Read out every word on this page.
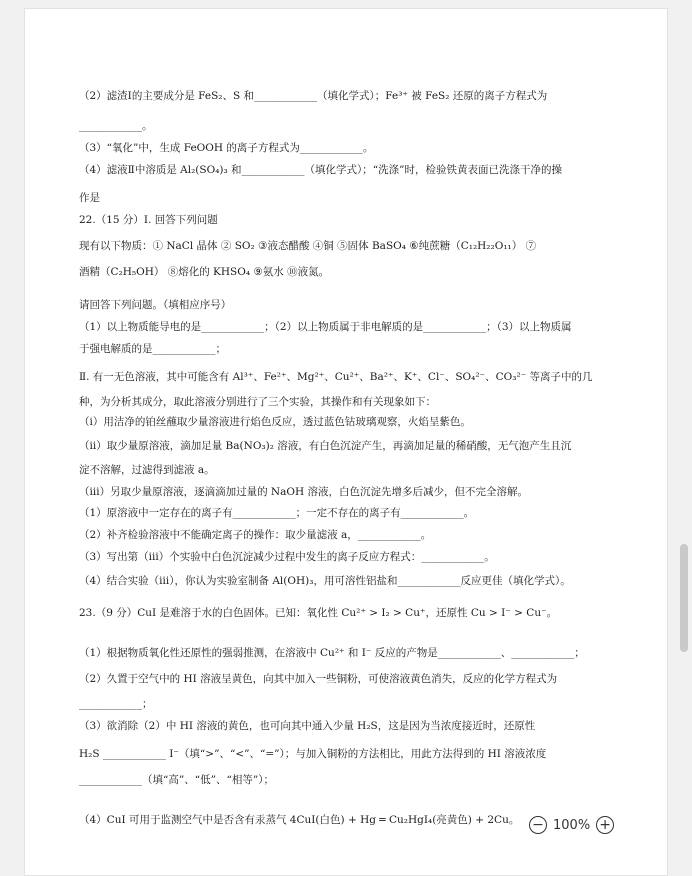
（2）滤渣Ⅰ的主要成分是 FeS₂、S 和____________（填化学式）；Fe³⁺ 被 FeS₂ 还原的离子方程式为
____________。
（3）“氧化”中，生成 FeOOH 的离子方程式为____________。
（4）滤液Ⅱ中溶质是 Al₂(SO₄)₃ 和____________（填化学式）；“洗涤”时，检验铁黄表面已洗涤干净的操
作是
22.（15 分）Ⅰ. 回答下列问题
现有以下物质：① NaCl 晶体 ② SO₂ ③液态醋酸 ④铜 ⑤固体 BaSO₄ ⑥纯蔗糖（C₁₂H₂₂O₁₁） ⑦
酒精（C₂H₅OH） ⑧熔化的 KHSO₄ ⑨氨水 ⑩液氮。
请回答下列问题。（填相应序号）
（1）以上物质能导电的是____________；（2）以上物质属于非电解质的是____________；（3）以上物质属
于强电解质的是____________；
Ⅱ. 有一无色溶液，其中可能含有 Al³⁺、Fe²⁺、Mg²⁺、Cu²⁺、Ba²⁺、K⁺、Cl⁻、SO₄²⁻、CO₃²⁻ 等离子中的几
种，为分析其成分，取此溶液分别进行了三个实验，其操作和有关现象如下：
（ⅰ）用洁净的铂丝蘸取少量溶液进行焰色反应，透过蓝色钴玻璃观察，火焰呈紫色。
（ⅱ）取少量原溶液，滴加足量 Ba(NO₃)₂ 溶液，有白色沉淀产生，再滴加足量的稀硝酸，无气泡产生且沉
淀不溶解，过滤得到滤液 a。
（ⅲ）另取少量原溶液，逐滴滴加过量的 NaOH 溶液，白色沉淀先增多后减少，但不完全溶解。
（1）原溶液中一定存在的离子有____________；一定不存在的离子有____________。
（2）补齐检验溶液中不能确定离子的操作：取少量滤液 a，____________。
（3）写出第（ⅲ）个实验中白色沉淀减少过程中发生的离子反应方程式：____________。
（4）结合实验（ⅲ），你认为实验室制备 Al(OH)₃，用可溶性铝盐和____________反应更佳（填化学式）。
23.（9 分）CuI 是难溶于水的白色固体。已知：氧化性 Cu²⁺ > I₂ > Cu⁺，还原性 Cu > I⁻ > Cu⁻。
（1）根据物质氧化性还原性的强弱推测，在溶液中 Cu²⁺ 和 I⁻ 反应的产物是____________、____________；
（2）久置于空气中的 HI 溶液呈黄色，向其中加入一些铜粉，可使溶液黄色消失，反应的化学方程式为
____________；
（3）欲消除（2）中 HI 溶液的黄色，也可向其中通入少量 H₂S，这是因为当浓度接近时，还原性
H₂S ____________ I⁻（填“>”、“<”、“=”）；与加入铜粉的方法相比，用此方法得到的 HI 溶液浓度
____________（填“高”、“低”、“相等”）；
（4）CuI 可用于监测空气中是否含有汞蒸气 4CuI(白色) + Hg ═ Cu₂HgI₄(亮黄色) + 2Cu。 − 100% +
